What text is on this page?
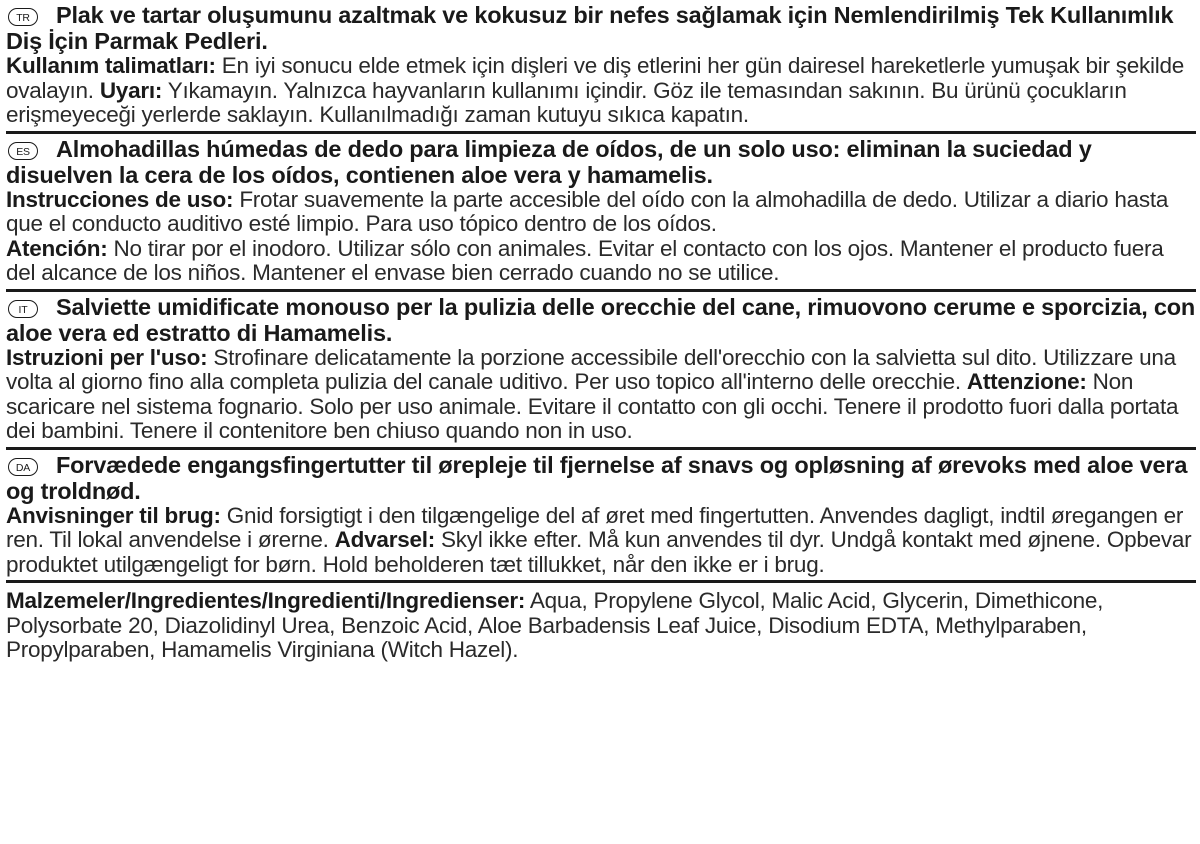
TR Plak ve tartar oluşumunu azaltmak ve kokusuz bir nefes sağlamak için Nemlendirilmiş Tek Kullanımlık Diş İçin Parmak Pedleri.

Kullanım talimatları: En iyi sonucu elde etmek için dişleri ve diş etlerini her gün dairesel hareketlerle yumuşak bir şekilde ovalayın. Uyarı: Yıkamayın. Yalnızca hayvanların kullanımı içindir. Göz ile temasından sakının. Bu ürünü çocukların erişmeyeceği yerlerde saklayın. Kullanılmadığı zaman kutuyu sıkıca kapatın.

ES Almohadillas húmedas de dedo para limpieza de oídos, de un solo uso: eliminan la suciedad y disuelven la cera de los oídos, contienen aloe vera y hamamelis.

Instrucciones de uso: Frotar suavemente la parte accesible del oído con la almohadilla de dedo. Utilizar a diario hasta que el conducto auditivo esté limpio. Para uso tópico dentro de los oídos.

Atención: No tirar por el inodoro. Utilizar sólo con animales. Evitar el contacto con los ojos. Mantener el producto fuera del alcance de los niños. Mantener el envase bien cerrado cuando no se utilice.

IT Salviette umidificate monouso per la pulizia delle orecchie del cane, rimuovono cerume e sporcizia, con aloe vera ed estratto di Hamamelis.

Istruzioni per l'uso: Strofinare delicatamente la porzione accessibile dell'orecchio con la salvietta sul dito. Utilizzare una volta al giorno fino alla completa pulizia del canale uditivo. Per uso topico all'interno delle orecchie. Attenzione: Non scaricare nel sistema fognario. Solo per uso animale. Evitare il contatto con gli occhi. Tenere il prodotto fuori dalla portata dei bambini. Tenere il contenitore ben chiuso quando non in uso.

DA Forvædede engangsfingertutter til ørepleje til fjernelse af snavs og opløsning af ørevoks med aloe vera og troldnød.

Anvisninger til brug: Gnid forsigtigt i den tilgængelige del af øret med fingertutten. Anvendes dagligt, indtil øregangen er ren. Til lokal anvendelse i ørerne. Advarsel: Skyl ikke efter. Må kun anvendes til dyr. Undgå kontakt med øjnene. Opbevar produktet utilgængeligt for børn. Hold beholderen tæt tillukket, når den ikke er i brug.

Malzemeler/Ingredientes/Ingredienti/Ingredienser: Aqua, Propylene Glycol, Malic Acid, Glycerin, Dimethicone, Polysorbate 20, Diazolidinyl Urea, Benzoic Acid, Aloe Barbadensis Leaf Juice, Disodium EDTA, Methylparaben, Propylparaben, Hamamelis Virginiana (Witch Hazel).
